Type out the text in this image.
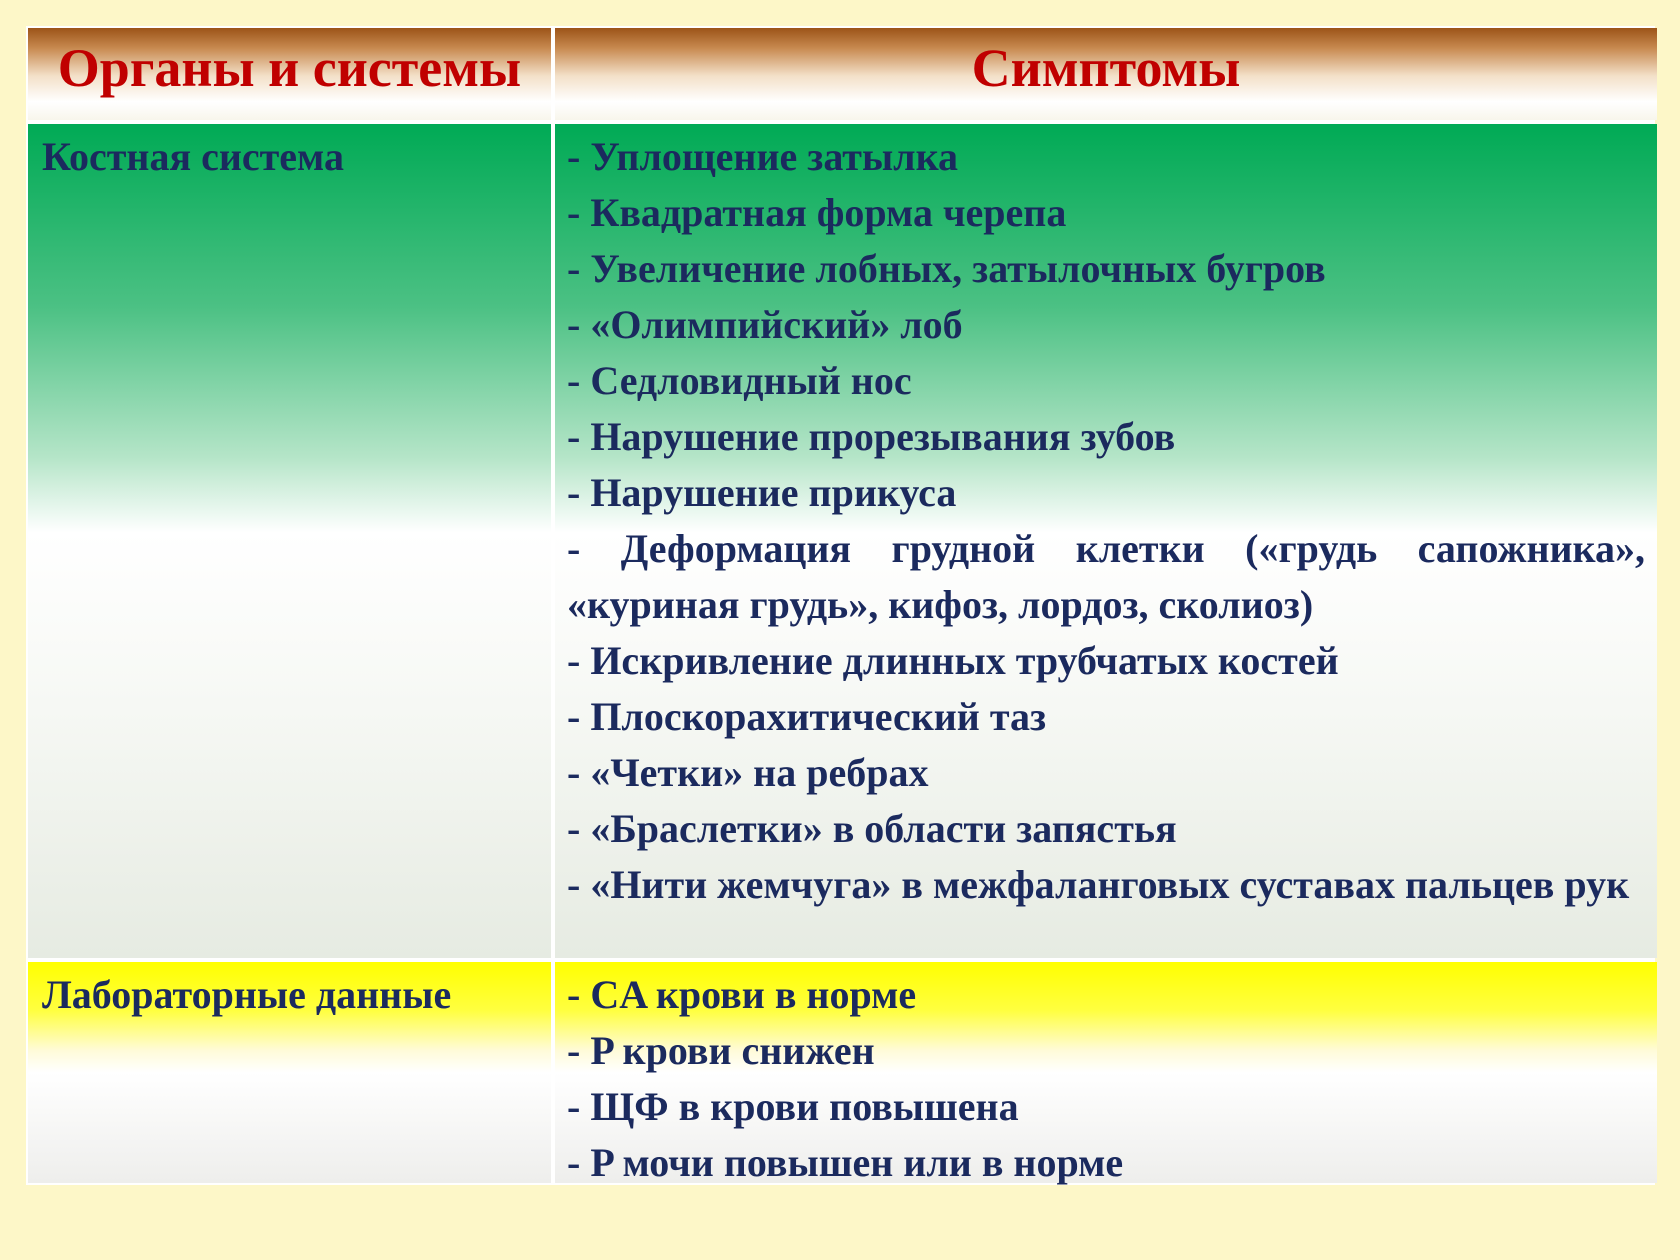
Органы и системы	Симптомы
Костная система	- Уплощение затылка

- Квадратная форма черепа

- Увеличение лобных, затылочных бугров

- «Олимпийский» лоб

- Седловидный нос

- Нарушение прорезывания зубов

- Нарушение прикуса

- Деформация грудной клетки («грудь сапожника», «куриная грудь», кифоз, лордоз, сколиоз)

- Искривление длинных трубчатых костей

- Плоскорахитический таз

- «Четки» на ребрах

- «Браслетки» в области запястья

- «Нити жемчуга» в межфаланговых суставах пальцев рук

Лабораторные данные	- CA крови в норме

- P крови снижен

- ЩФ в крови повышена

- P мочи повышен или в норме
